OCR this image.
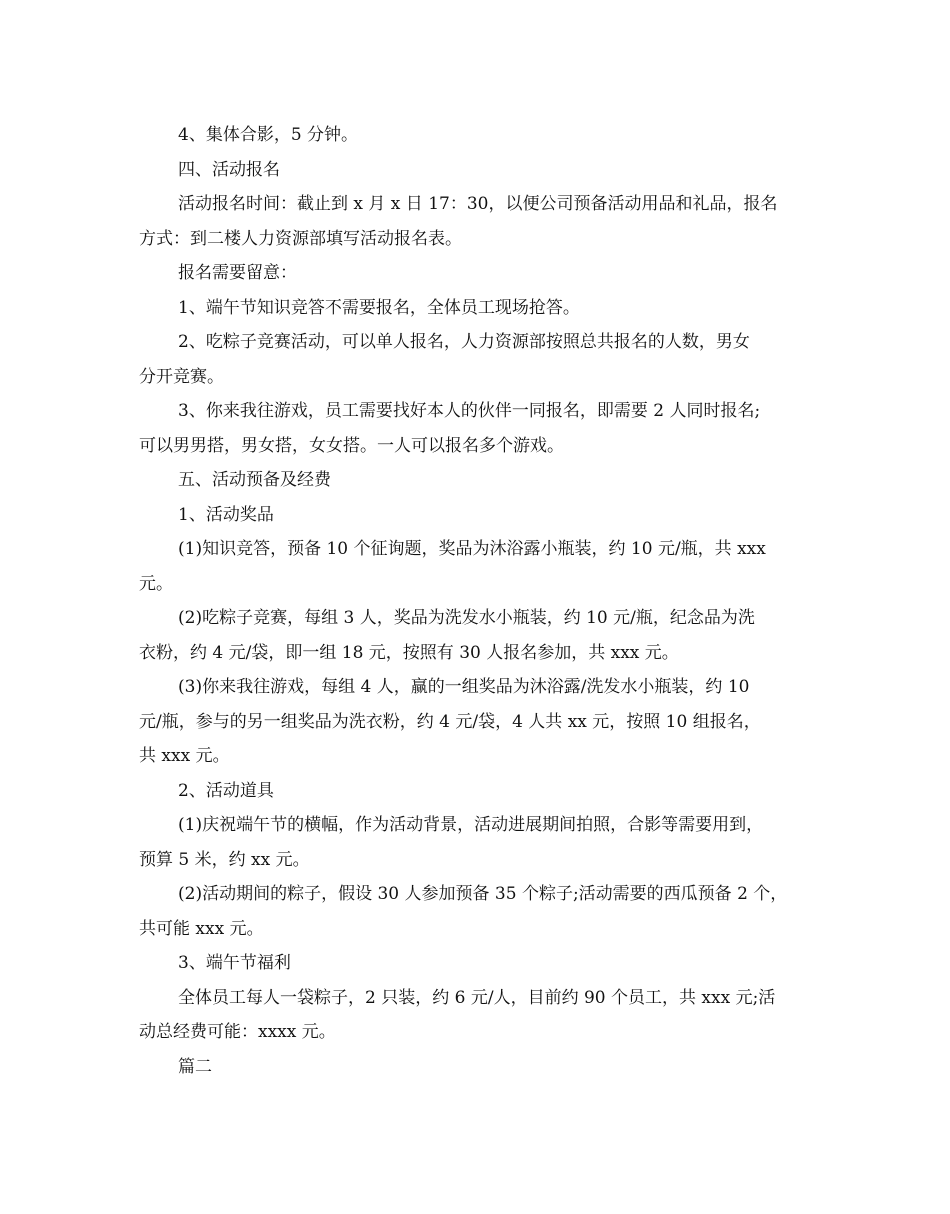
4、集体合影，5 分钟。

四、活动报名

活动报名时间：截止到 x 月 x 日 17：30，以便公司预备活动用品和礼品，报名
方式：到二楼人力资源部填写活动报名表。

报名需要留意：

1、端午节知识竞答不需要报名，全体员工现场抢答。

2、吃粽子竞赛活动，可以单人报名，人力资源部按照总共报名的人数，男女
分开竞赛。

3、你来我往游戏，员工需要找好本人的伙伴一同报名，即需要 2 人同时报名;
可以男男搭，男女搭，女女搭。一人可以报名多个游戏。

五、活动预备及经费

1、活动奖品

(1)知识竞答，预备 10 个征询题，奖品为沐浴露小瓶装，约 10 元/瓶，共 xxx
元。

(2)吃粽子竞赛，每组 3 人，奖品为洗发水小瓶装，约 10 元/瓶，纪念品为洗
衣粉，约 4 元/袋，即一组 18 元，按照有 30 人报名参加，共 xxx 元。

(3)你来我往游戏，每组 4 人，赢的一组奖品为沐浴露/洗发水小瓶装，约 10
元/瓶，参与的另一组奖品为洗衣粉，约 4 元/袋，4 人共 xx 元，按照 10 组报名，
共 xxx 元。

2、活动道具

(1)庆祝端午节的横幅，作为活动背景，活动进展期间拍照，合影等需要用到，
预算 5 米，约 xx 元。

(2)活动期间的粽子，假设 30 人参加预备 35 个粽子;活动需要的西瓜预备 2 个，
共可能 xxx 元。

3、端午节福利

全体员工每人一袋粽子，2 只装，约 6 元/人，目前约 90 个员工，共 xxx 元;活
动总经费可能：xxxx 元。

篇二
